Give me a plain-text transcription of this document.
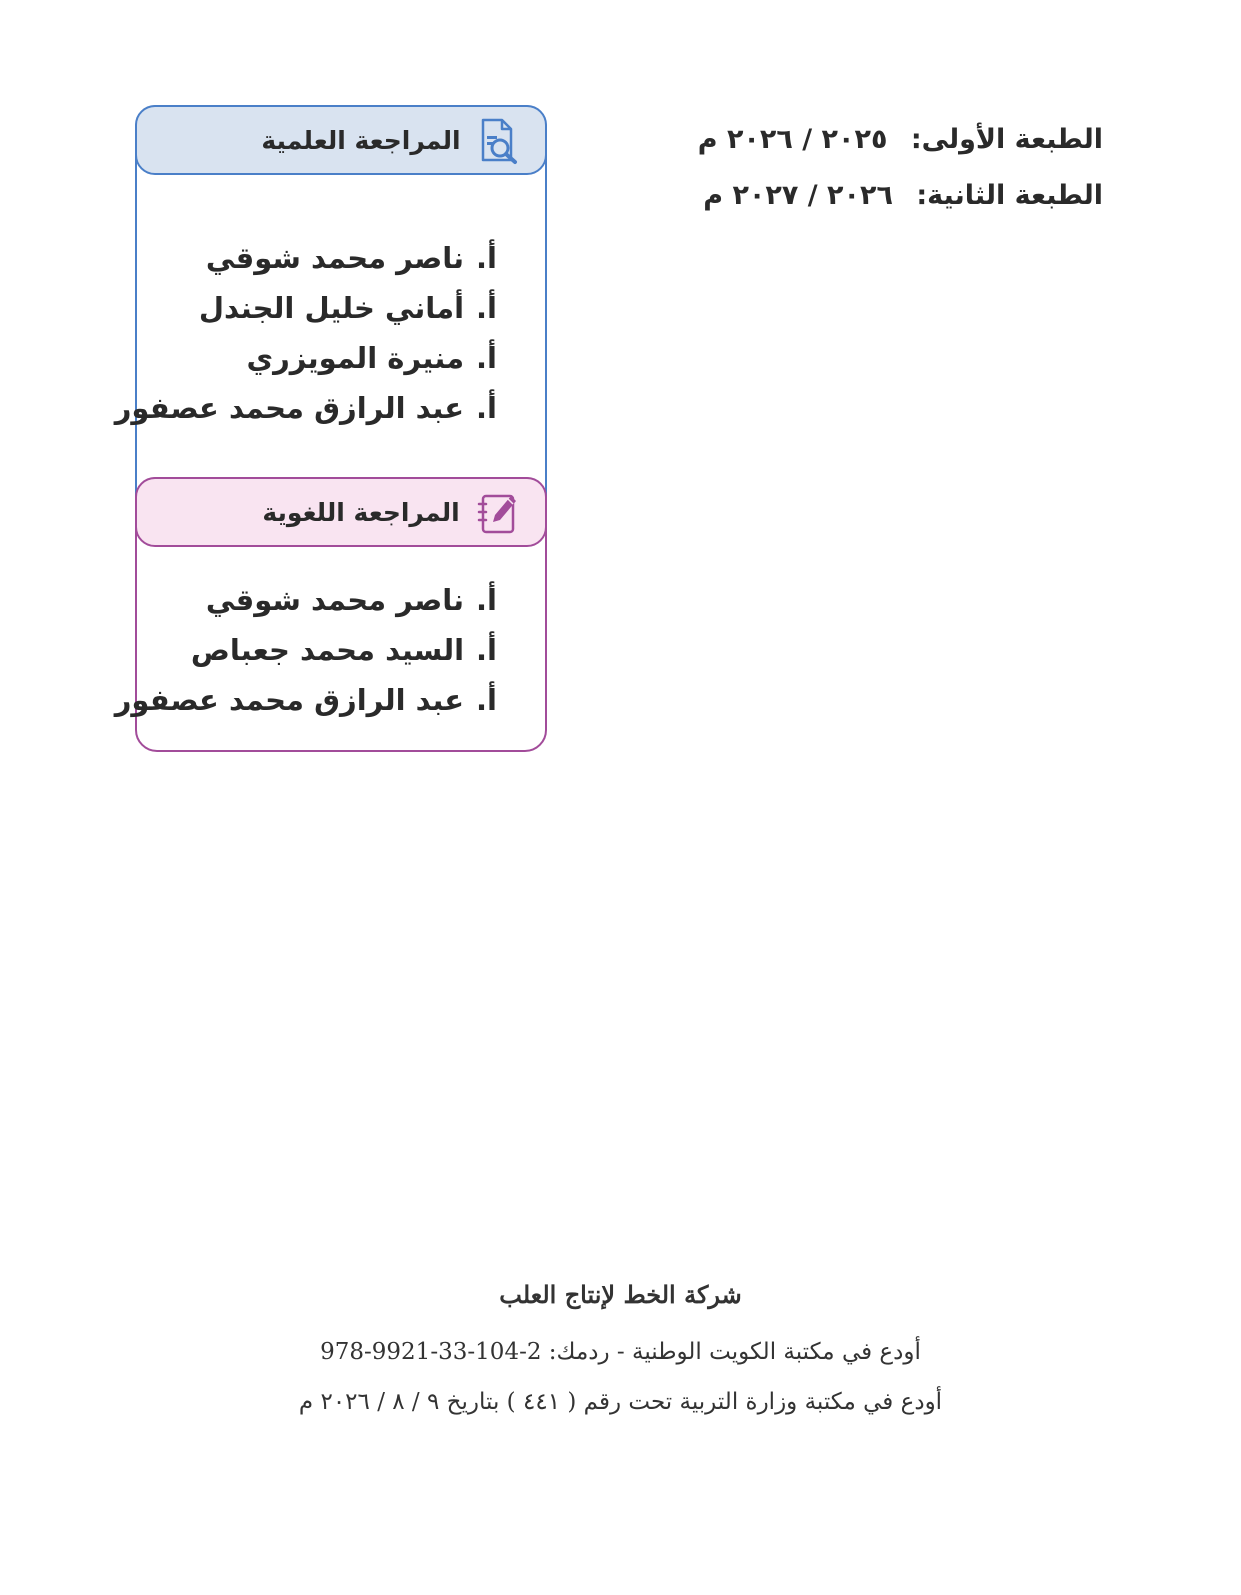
الطبعة الأولى: ٢٠٢٥ / ٢٠٢٦ م
الطبعة الثانية: ٢٠٢٦ / ٢٠٢٧ م
المراجعة العلمية
أ.ناصر محمد شوقي
أ.أماني خليل الجندل
أ.منيرة المويزري
أ.عبد الرازق محمد عصفور
المراجعة اللغوية
أ.ناصر محمد شوقي
أ.السيد محمد جعباص
أ.عبد الرازق محمد عصفور
شركة الخط لإنتاج العلب
أودع في مكتبة الكويت الوطنية - ردمك: 2-104-33-9921-978
أودع في مكتبة وزارة التربية تحت رقم ( ٤٤١ ) بتاريخ ٩ / ٨ / ٢٠٢٦ م
